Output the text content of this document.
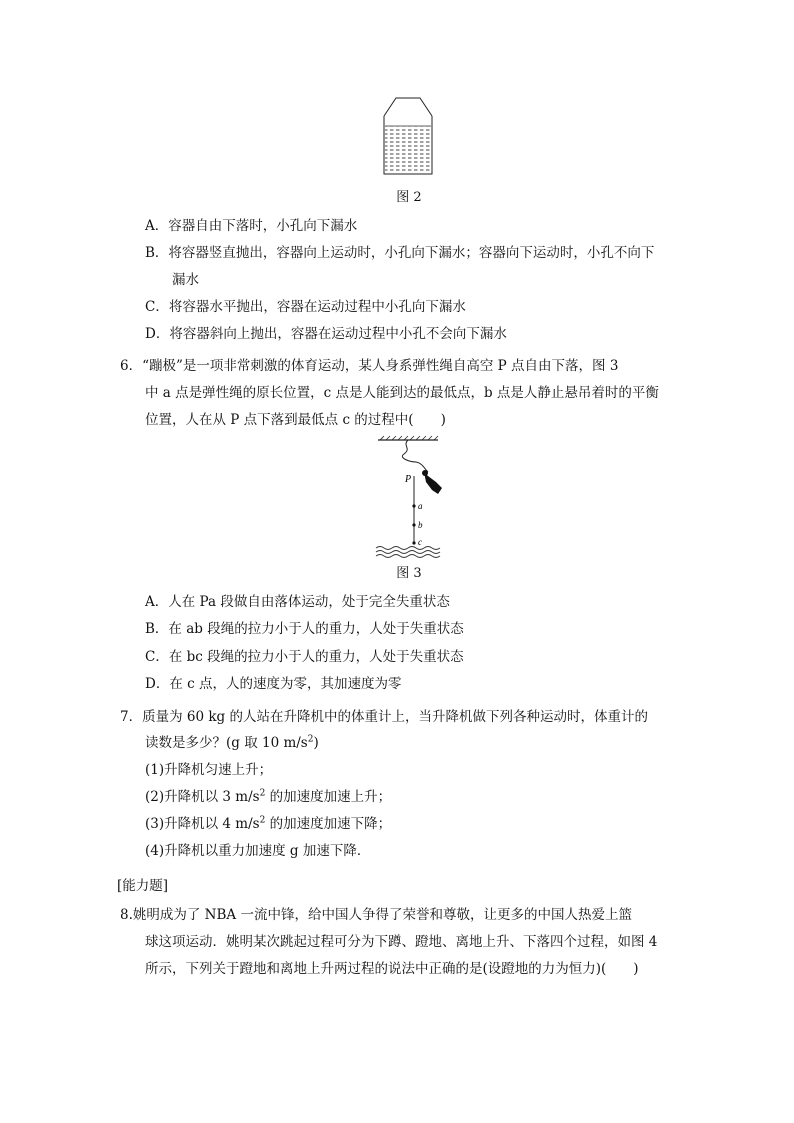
图 2
A．容器自由下落时，小孔向下漏水
B．将容器竖直抛出，容器向上运动时，小孔向下漏水；容器向下运动时，小孔不向下
漏水
C．将容器水平抛出，容器在运动过程中小孔向下漏水
D．将容器斜向上抛出，容器在运动过程中小孔不会向下漏水
6．“蹦极”是一项非常刺激的体育运动，某人身系弹性绳自高空 P 点自由下落，图 3
中 a 点是弹性绳的原长位置，c 点是人能到达的最低点，b 点是人静止悬吊着时的平衡
位置，人在从 P 点下落到最低点 c 的过程中(　　)
P
a
b
c
图 3
A．人在 Pa 段做自由落体运动，处于完全失重状态
B．在 ab 段绳的拉力小于人的重力，人处于失重状态
C．在 bc 段绳的拉力小于人的重力，人处于失重状态
D．在 c 点，人的速度为零，其加速度为零
7．质量为 60 kg 的人站在升降机中的体重计上，当升降机做下列各种运动时，体重计的
读数是多少？(g 取 10 $m/s^2$)
(1)升降机匀速上升；
(2)升降机以 3 $m/s^2$ 的加速度加速上升；
(3)升降机以 4 $m/s^2$ 的加速度加速下降；
(4)升降机以重力加速度 g 加速下降．
[能力题]
8.姚明成为了 NBA 一流中锋，给中国人争得了荣誉和尊敬，让更多的中国人热爱上篮
球这项运动．姚明某次跳起过程可分为下蹲、蹬地、离地上升、下落四个过程，如图 4
所示，下列关于蹬地和离地上升两过程的说法中正确的是(设蹬地的力为恒力)(　　)
